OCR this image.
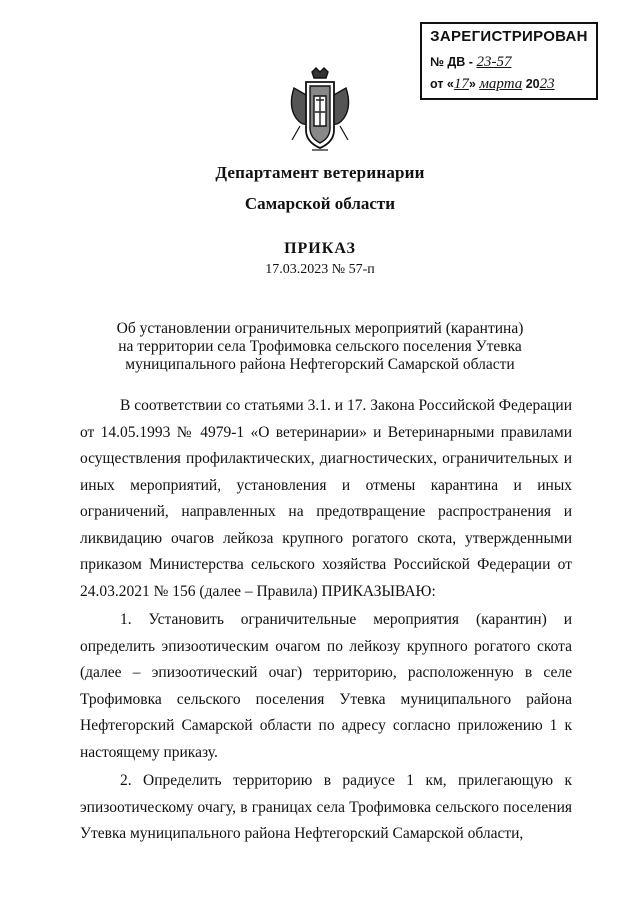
ЗАРЕГИСТРИРОВАН
№ ДВ - 23-57
от «17» марта 2023
Департамент ветеринарии
Самарской области
ПРИКАЗ
17.03.2023 № 57-п
Об установлении ограничительных мероприятий (карантина)
на территории села Трофимовка сельского поселения Утевка
муниципального района Нефтегорский Самарской области

В соответствии со статьями 3.1. и 17. Закона Российской Федерации от 14.05.1993 № 4979-1 «О ветеринарии» и Ветеринарными правилами осуществления профилактических, диагностических, ограничительных и иных мероприятий, установления и отмены карантина и иных ограничений, направленных на предотвращение распространения и ликвидацию очагов лейкоза крупного рогатого скота, утвержденными приказом Министерства сельского хозяйства Российской Федерации от 24.03.2021 № 156 (далее – Правила) ПРИКАЗЫВАЮ:

1. Установить ограничительные мероприятия (карантин) и определить эпизоотическим очагом по лейкозу крупного рогатого скота (далее – эпизоотический очаг) территорию, расположенную в селе Трофимовка сельского поселения Утевка муниципального района Нефтегорский Самарской области по адресу согласно приложению 1 к настоящему приказу.

2. Определить территорию в радиусе 1 км, прилегающую к эпизоотическому очагу, в границах села Трофимовка сельского поселения Утевка муниципального района Нефтегорский Самарской области,
